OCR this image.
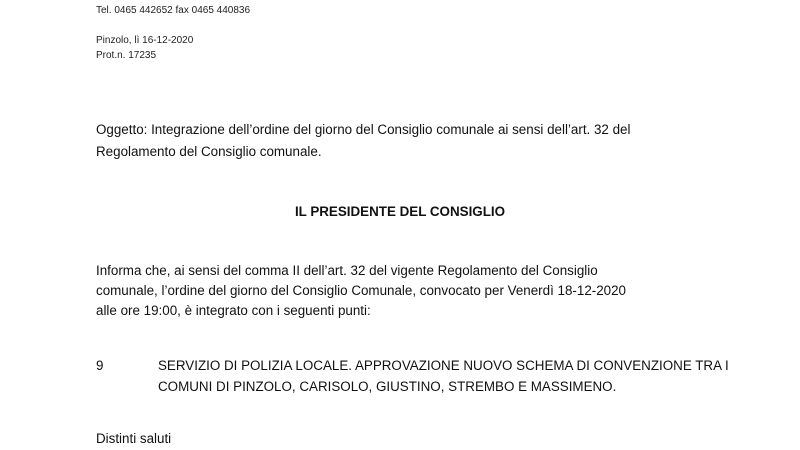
Tel. 0465 442652 fax 0465 440836
Pinzolo, lì 16-12-2020
Prot.n. 17235
Oggetto: Integrazione dell’ordine del giorno del Consiglio comunale ai sensi dell’art. 32 del
Regolamento del Consiglio comunale.
IL PRESIDENTE DEL CONSIGLIO
Informa che, ai sensi del comma II dell’art. 32 del vigente Regolamento del Consiglio
comunale, l’ordine del giorno del Consiglio Comunale, convocato per Venerdì 18-12-2020
alle ore 19:00, è integrato con i seguenti punti:
9	SERVIZIO DI POLIZIA LOCALE. APPROVAZIONE NUOVO SCHEMA DI CONVENZIONE TRA I
COMUNI DI PINZOLO, CARISOLO, GIUSTINO, STREMBO E MASSIMENO.
Distinti saluti
